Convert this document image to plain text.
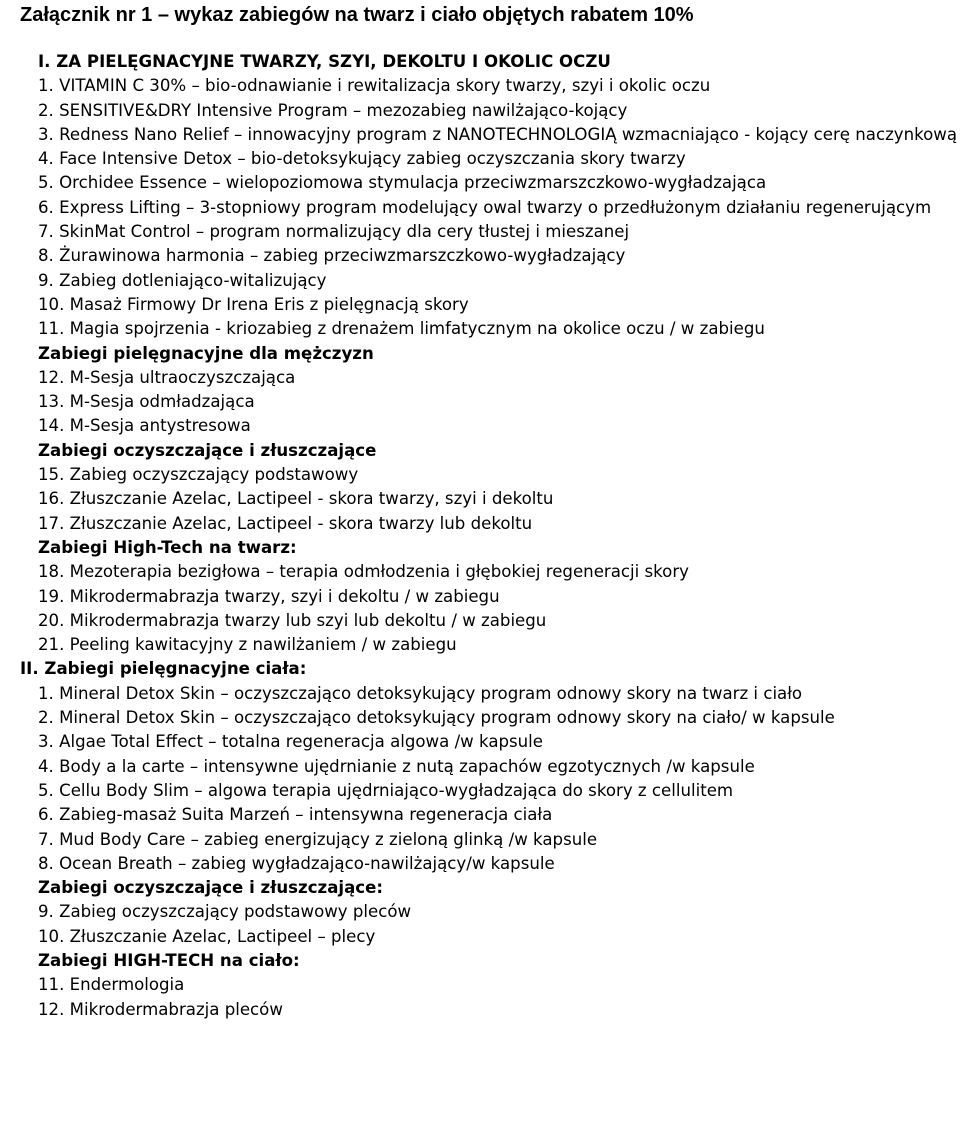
Załącznik nr 1 – wykaz zabiegów na twarz i ciało objętych rabatem 10%
I. ZA PIELĘGNACYJNE TWARZY, SZYI, DEKOLTU I OKOLIC OCZU
1. VITAMIN C 30% – bio-odnawianie i rewitalizacja skory twarzy, szyi i okolic oczu
2. SENSITIVE&DRY Intensive Program – mezozabieg nawilżająco-kojący
3. Redness Nano Relief – innowacyjny program z NANOTECHNOLOGIĄ wzmacniająco - kojący cerę naczynkową
4. Face Intensive Detox – bio-detoksykujący zabieg oczyszczania skory twarzy
5. Orchidee Essence – wielopoziomowa stymulacja przeciwzmarszczkowo-wygładzająca
6. Express Lifting – 3-stopniowy program modelujący owal twarzy o przedłużonym działaniu regenerującym
7. SkinMat Control – program normalizujący dla cery tłustej i mieszanej
8. Żurawinowa harmonia – zabieg przeciwzmarszczkowo-wygładzający
9. Zabieg dotleniająco-witalizujący
10. Masaż Firmowy Dr Irena Eris z pielęgnacją skory
11. Magia spojrzenia - kriozabieg z drenażem limfatycznym na okolice oczu / w zabiegu
Zabiegi pielęgnacyjne dla mężczyzn
12. M-Sesja ultraoczyszczająca
13. M-Sesja odmładzająca
14. M-Sesja antystresowa
Zabiegi oczyszczające i złuszczające
15. Zabieg oczyszczający podstawowy
16. Złuszczanie Azelac, Lactipeel - skora twarzy, szyi i dekoltu
17. Złuszczanie Azelac, Lactipeel - skora twarzy lub dekoltu
Zabiegi High-Tech na twarz:
18. Mezoterapia bezigłowa – terapia odmłodzenia i głębokiej regeneracji skory
19. Mikrodermabrazja twarzy, szyi i dekoltu / w zabiegu
20. Mikrodermabrazja twarzy lub szyi lub dekoltu / w zabiegu
21. Peeling kawitacyjny z nawilżaniem / w zabiegu
II. Zabiegi pielęgnacyjne ciała:
1. Mineral Detox Skin – oczyszczająco detoksykujący program odnowy skory na twarz i ciało
2. Mineral Detox Skin – oczyszczająco detoksykujący program odnowy skory na ciało/ w kapsule
3. Algae Total Effect – totalna regeneracja algowa /w kapsule
4. Body a la carte – intensywne ujędrnianie z nutą zapachów egzotycznych /w kapsule
5. Cellu Body Slim – algowa terapia ujędrniająco-wygładzająca do skory z cellulitem
6. Zabieg-masaż Suita Marzeń – intensywna regeneracja ciała
7. Mud Body Care – zabieg energizujący z zieloną glinką /w kapsule
8. Ocean Breath – zabieg wygładzająco-nawilżający/w kapsule
Zabiegi oczyszczające i złuszczające:
9. Zabieg oczyszczający podstawowy pleców
10. Złuszczanie Azelac, Lactipeel – plecy
Zabiegi HIGH-TECH na ciało:
11. Endermologia
12. Mikrodermabrazja pleców
